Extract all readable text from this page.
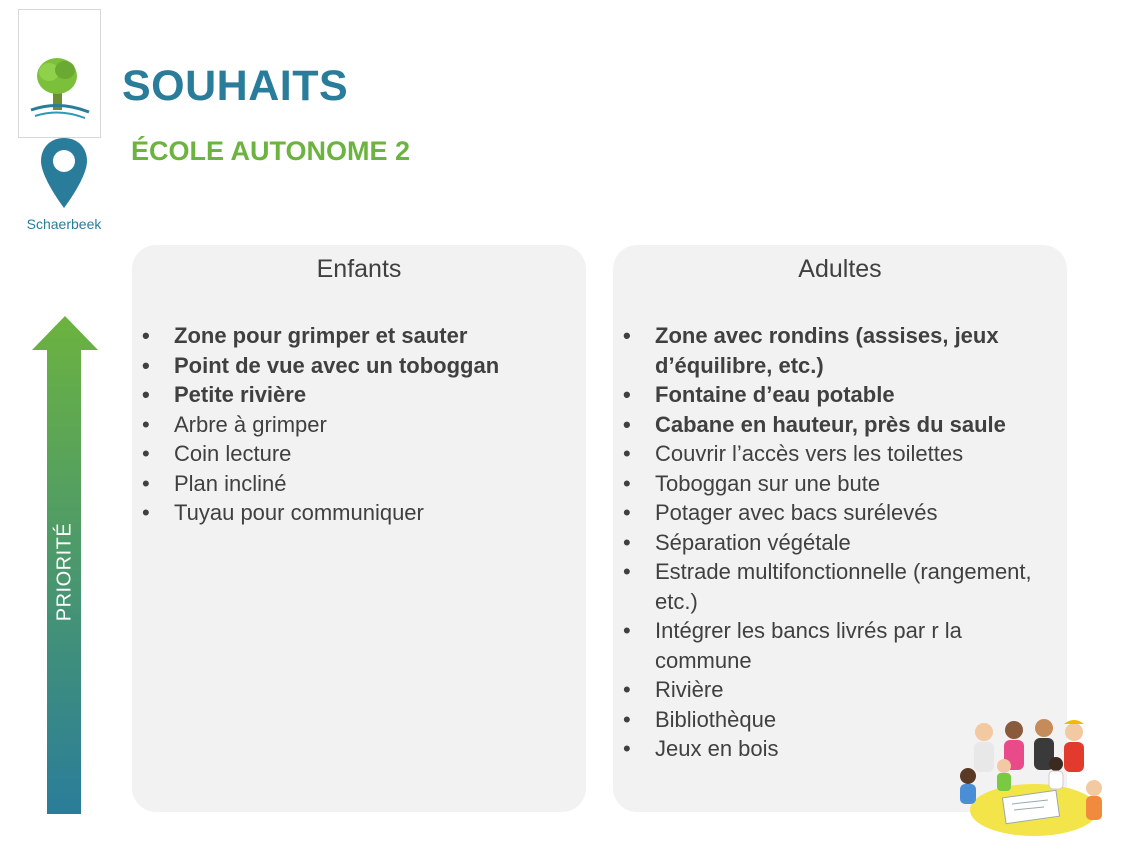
Schaerbeek
SOUHAITS
ÉCOLE AUTONOME 2
PRIORITÉ
Enfants
• Zone pour grimper et sauter
• Point de vue avec un toboggan
• Petite rivière
• Arbre à grimper
• Coin lecture
• Plan incliné
• Tuyau pour communiquer
Adultes
• Zone avec rondins (assises, jeux d’équilibre, etc.)
• Fontaine d’eau potable
• Cabane en hauteur, près du saule
• Couvrir l’accès vers les toilettes
• Toboggan sur une bute
• Potager avec bacs surélevés
• Séparation végétale
• Estrade multifonctionnelle (rangement, etc.)
• Intégrer les bancs livrés par r la commune
• Rivière
• Bibliothèque
• Jeux en bois
